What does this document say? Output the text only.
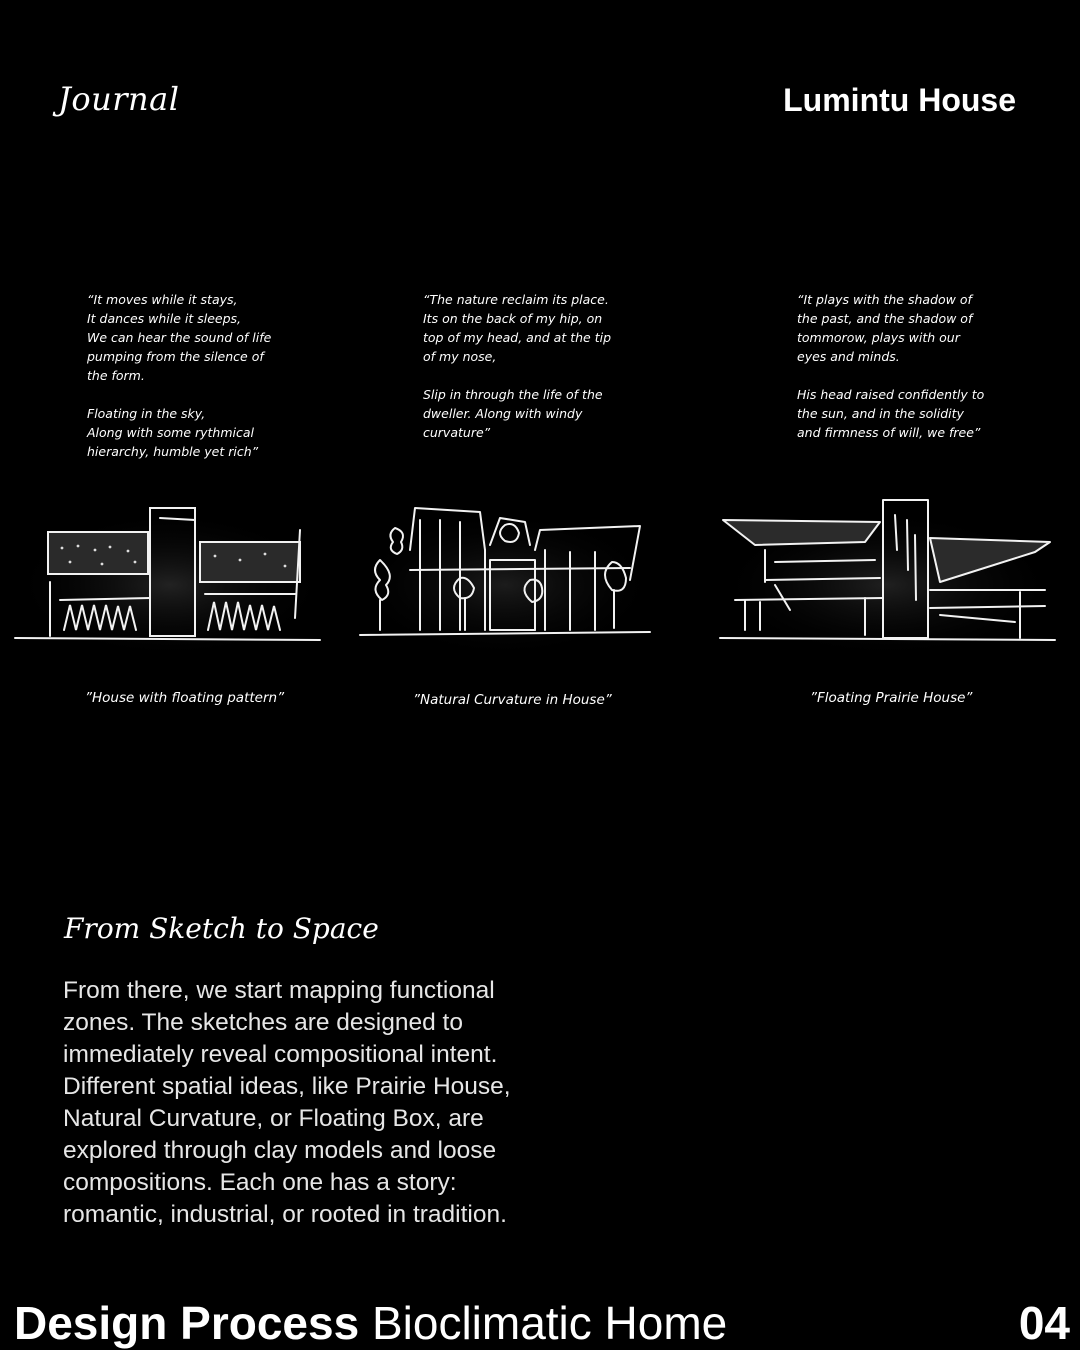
Journal	Lumintu House
“It moves while it stays,
It dances while it sleeps,
We can hear the sound of life
pumping from the silence of
the form.

Floating in the sky,
Along with some rythmical
hierarchy, humble yet rich”
“The nature reclaim its place.
Its on the back of my hip, on
top of my head, and at the tip
of my nose,

Slip in through the life of the
dweller. Along with windy
curvature”
“It plays with the shadow of
the past, and the shadow of
tommorow, plays with our
eyes and minds.

His head raised confidently to
the sun, and in the solidity
and firmness of will, we free”
”House with floating pattern”	”Natural Curvature in House”	”Floating Prairie House”
From Sketch to Space
From there, we start mapping functional zones. The sketches are designed to immediately reveal compositional intent. Different spatial ideas, like Prairie House, Natural Curvature, or Floating Box, are explored through clay models and loose compositions. Each one has a story: romantic, industrial, or rooted in tradition.
Design Process Bioclimatic Home	04
